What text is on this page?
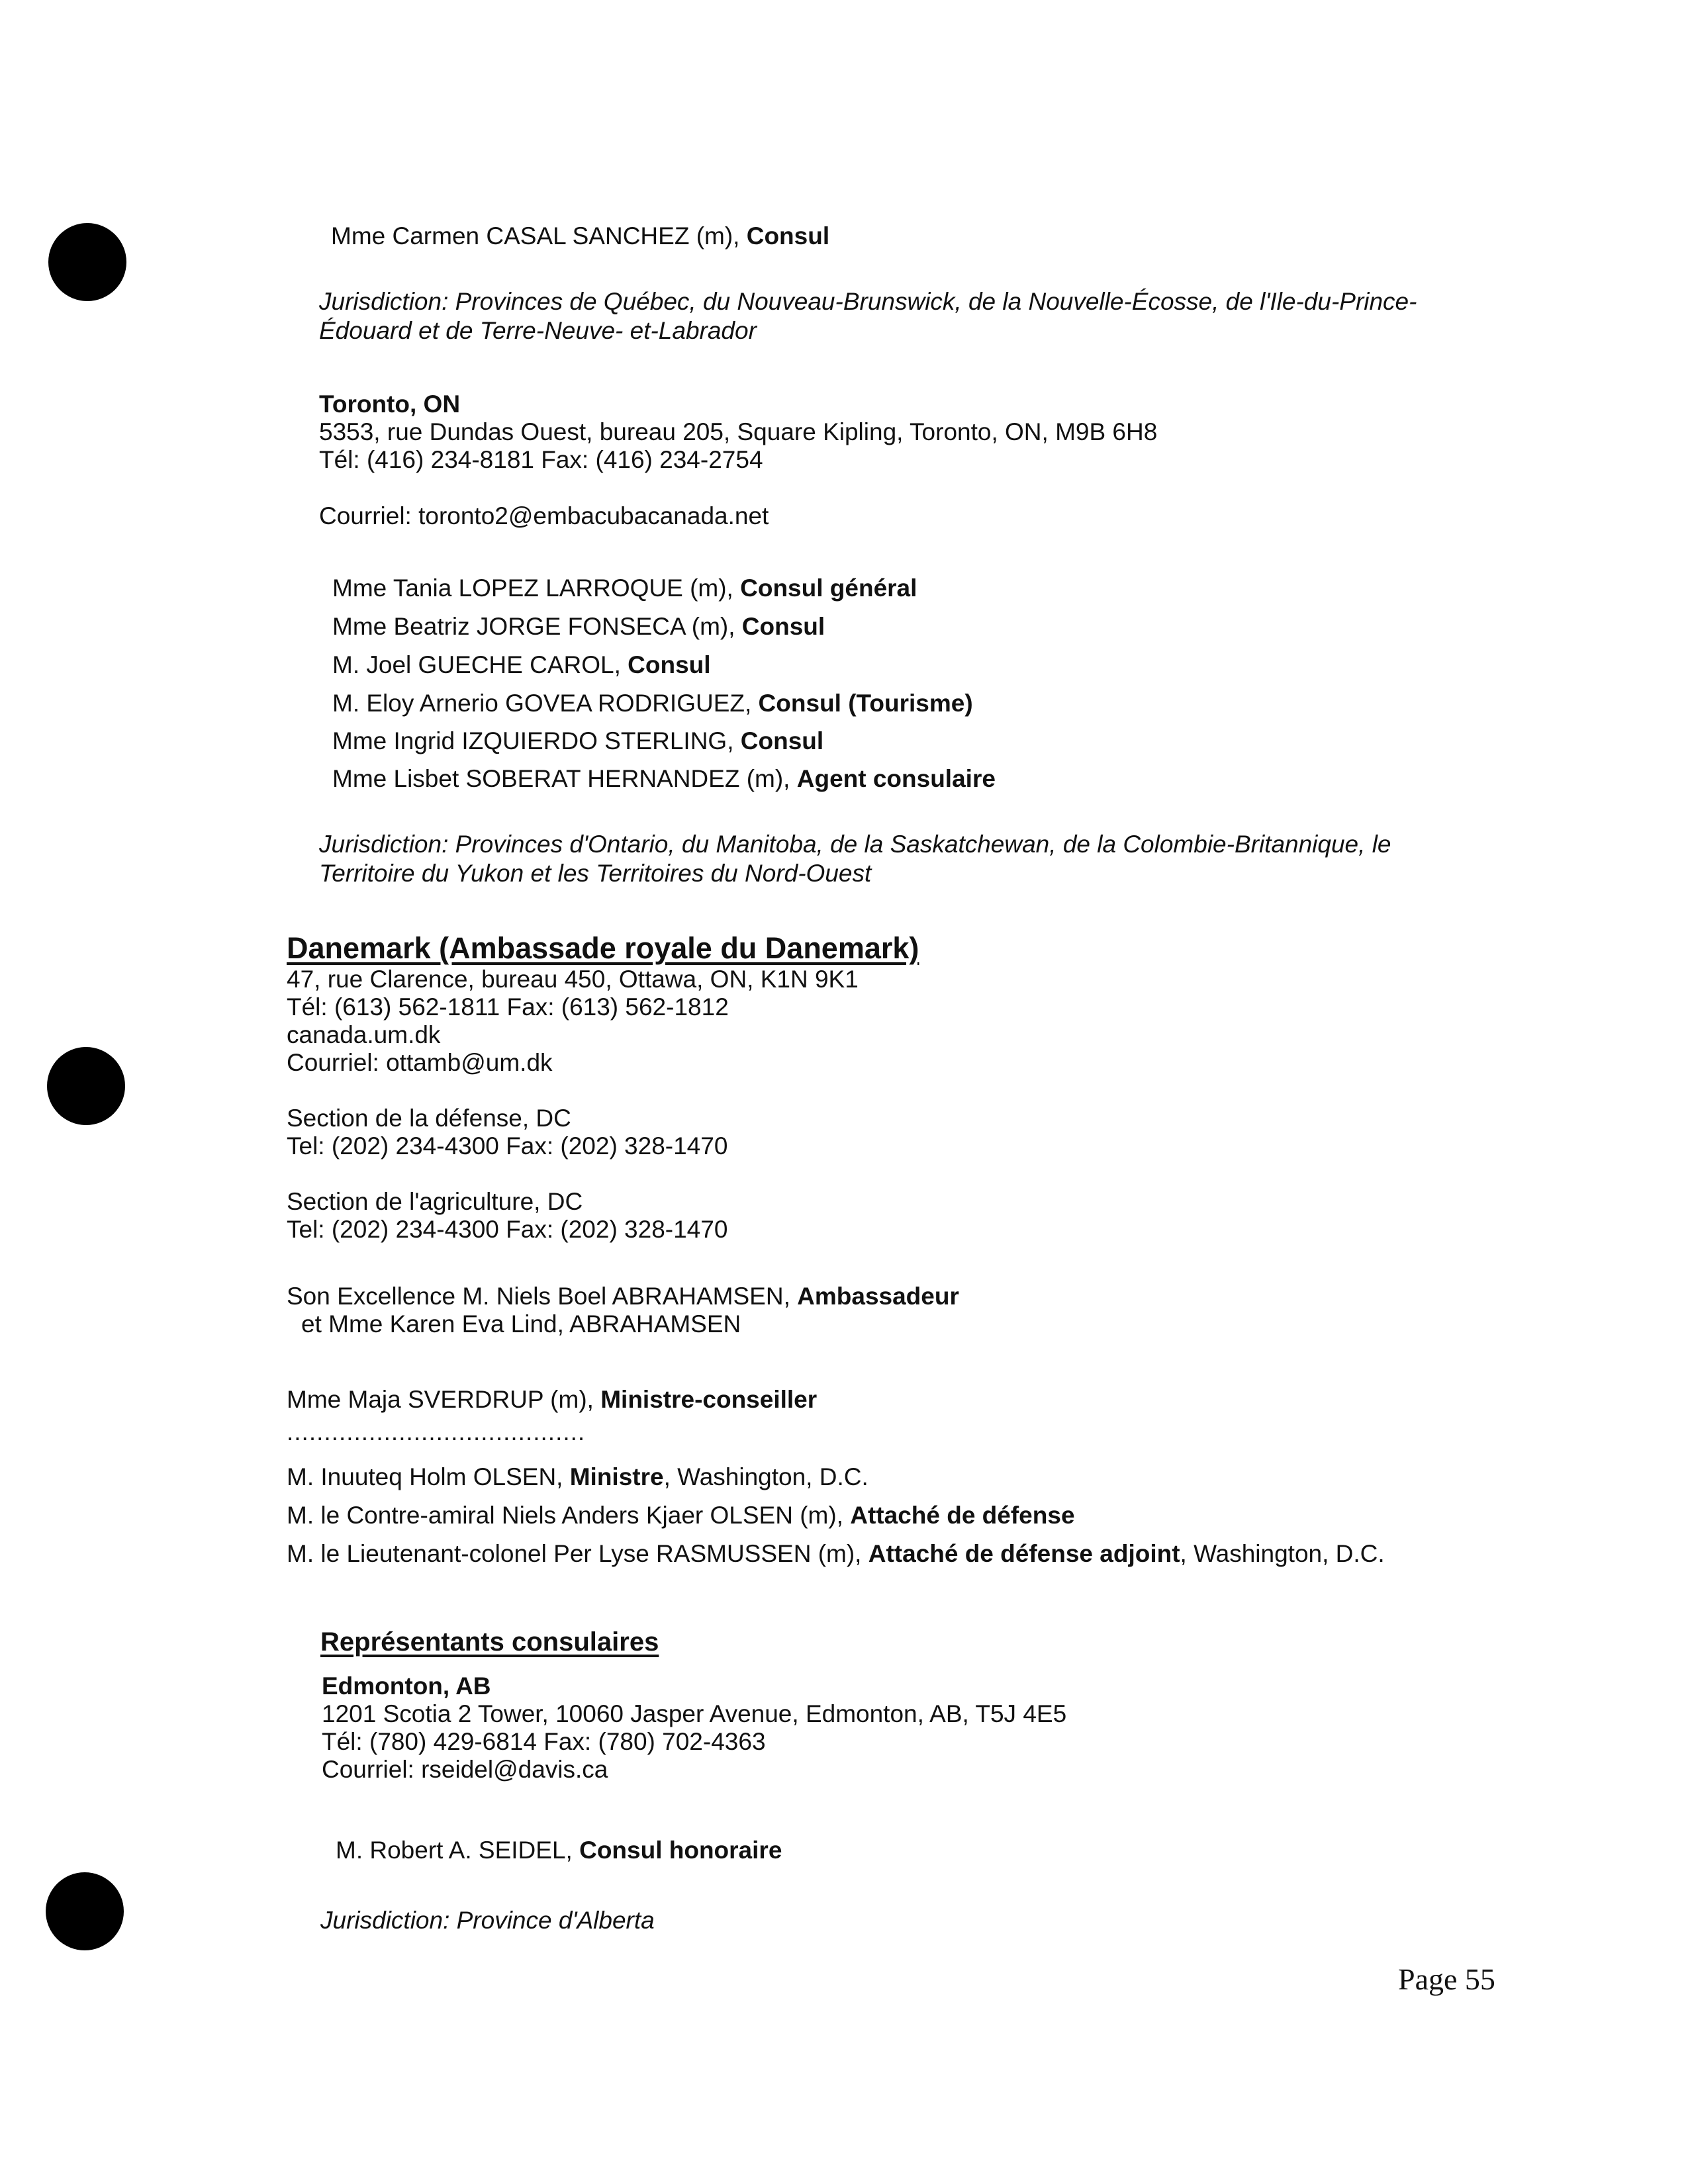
Mme Carmen CASAL SANCHEZ (m), Consul
Jurisdiction: Provinces de Québec, du Nouveau-Brunswick, de la Nouvelle-Écosse, de l'Ile-du-Prince-
Édouard et de Terre-Neuve- et-Labrador
Toronto, ON
5353, rue Dundas Ouest, bureau 205, Square Kipling, Toronto, ON, M9B 6H8
Tél: (416) 234-8181 Fax: (416) 234-2754
Courriel: toronto2@embacubacanada.net
Mme Tania LOPEZ LARROQUE (m), Consul général
Mme Beatriz JORGE FONSECA (m), Consul
M. Joel GUECHE CAROL, Consul
M. Eloy Arnerio GOVEA RODRIGUEZ, Consul (Tourisme)
Mme Ingrid IZQUIERDO STERLING, Consul
Mme Lisbet SOBERAT HERNANDEZ (m), Agent consulaire
Jurisdiction: Provinces d'Ontario, du Manitoba, de la Saskatchewan, de la Colombie-Britannique, le
Territoire du Yukon et les Territoires du Nord-Ouest
Danemark (Ambassade royale du Danemark)
47, rue Clarence, bureau 450, Ottawa, ON, K1N 9K1
Tél: (613) 562-1811 Fax: (613) 562-1812
canada.um.dk
Courriel: ottamb@um.dk
Section de la défense, DC
Tel: (202) 234-4300 Fax: (202) 328-1470
Section de l'agriculture, DC
Tel: (202) 234-4300 Fax: (202) 328-1470
Son Excellence M. Niels Boel ABRAHAMSEN, Ambassadeur
et Mme Karen Eva Lind, ABRAHAMSEN
Mme Maja SVERDRUP (m), Ministre-conseiller
........................................
M. Inuuteq Holm OLSEN, Ministre, Washington, D.C.
M. le Contre-amiral Niels Anders Kjaer OLSEN (m), Attaché de défense
M. le Lieutenant-colonel Per Lyse RASMUSSEN (m), Attaché de défense adjoint, Washington, D.C.
Représentants consulaires
Edmonton, AB
1201 Scotia 2 Tower, 10060 Jasper Avenue, Edmonton, AB, T5J 4E5
Tél: (780) 429-6814 Fax: (780) 702-4363
Courriel: rseidel@davis.ca
M. Robert A. SEIDEL, Consul honoraire
Jurisdiction: Province d'Alberta
Page 55
